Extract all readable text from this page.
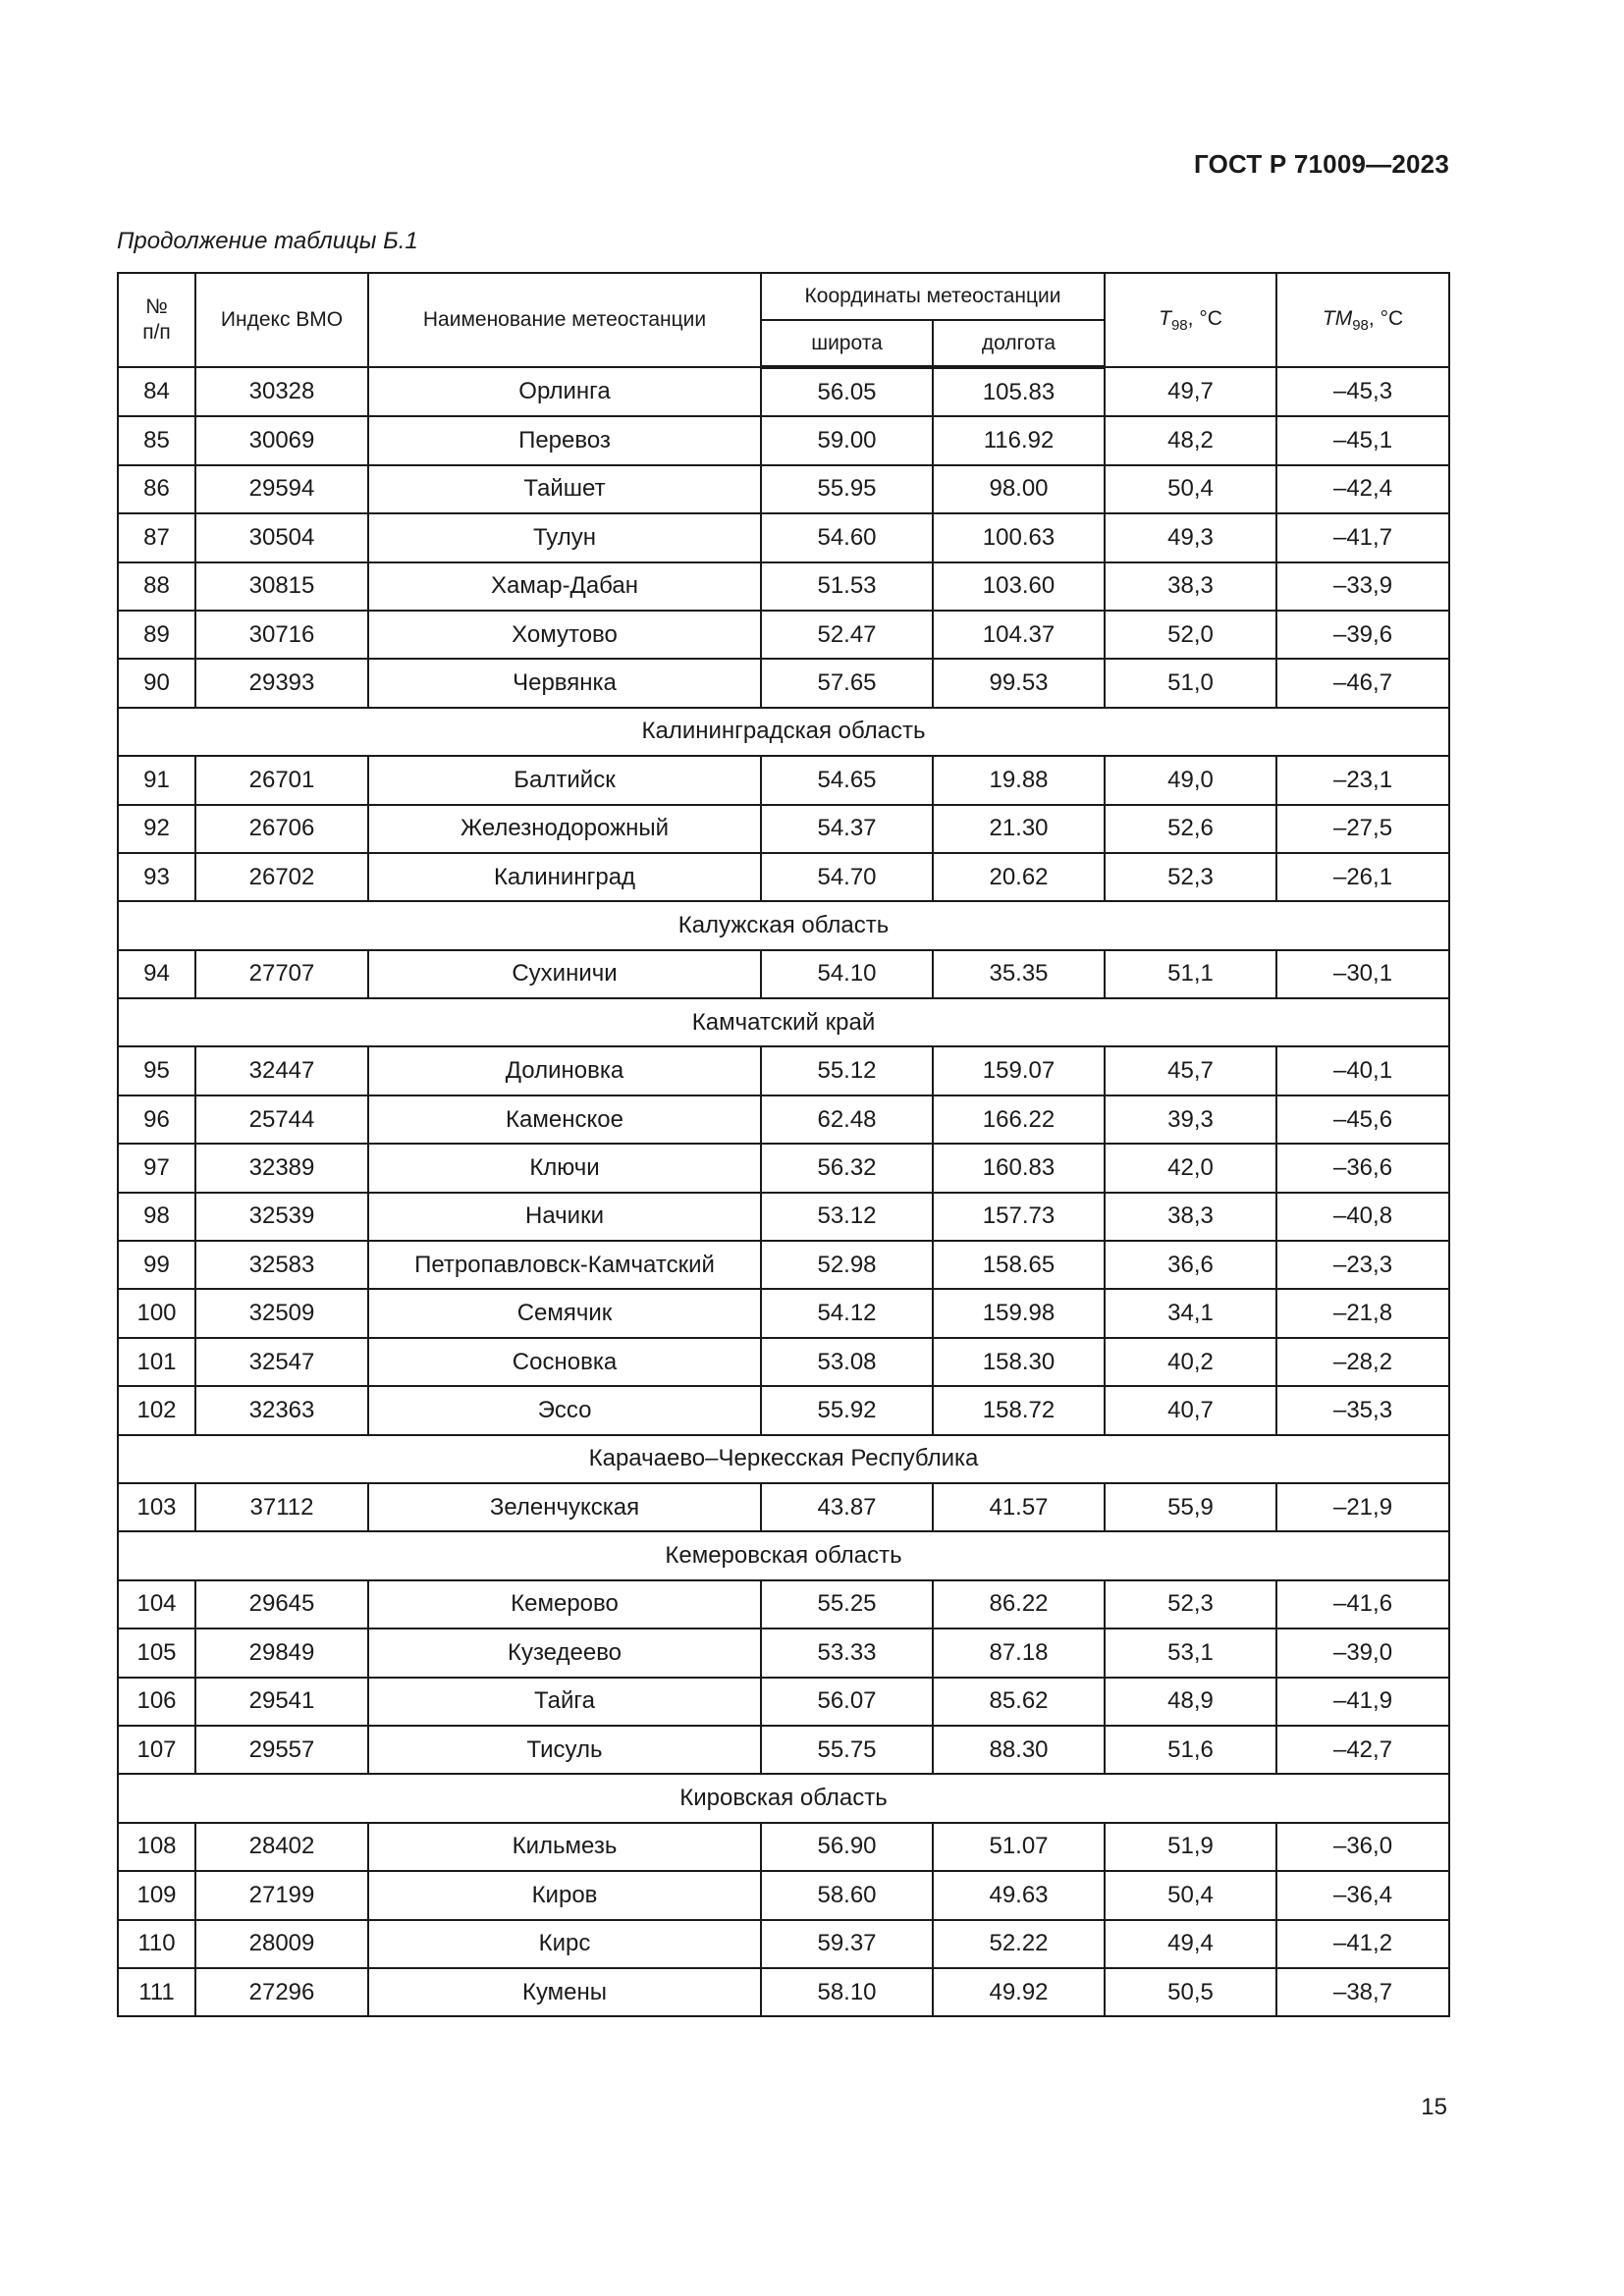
ГОСТ Р 71009—2023
Продолжение таблицы Б.1
№
п/п	Индекс ВМО	Наименование метеостанции	Координаты метеостанции		$T_{98}$, °C	$TM_{98}$, °C
			широта	долгота		
84	30328	Орлинга	56.05	105.83	49,7	–45,3
85	30069	Перевоз	59.00	116.92	48,2	–45,1
86	29594	Тайшет	55.95	98.00	50,4	–42,4
87	30504	Тулун	54.60	100.63	49,3	–41,7
88	30815	Хамар-Дабан	51.53	103.60	38,3	–33,9
89	30716	Хомутово	52.47	104.37	52,0	–39,6
90	29393	Червянка	57.65	99.53	51,0	–46,7
Калининградская область						
91	26701	Балтийск	54.65	19.88	49,0	–23,1
92	26706	Железнодорожный	54.37	21.30	52,6	–27,5
93	26702	Калининград	54.70	20.62	52,3	–26,1
Калужская область						
94	27707	Сухиничи	54.10	35.35	51,1	–30,1
Камчатский край						
95	32447	Долиновка	55.12	159.07	45,7	–40,1
96	25744	Каменское	62.48	166.22	39,3	–45,6
97	32389	Ключи	56.32	160.83	42,0	–36,6
98	32539	Начики	53.12	157.73	38,3	–40,8
99	32583	Петропавловск-Камчатский	52.98	158.65	36,6	–23,3
100	32509	Семячик	54.12	159.98	34,1	–21,8
101	32547	Сосновка	53.08	158.30	40,2	–28,2
102	32363	Эссо	55.92	158.72	40,7	–35,3
Карачаево–Черкесская Республика						
103	37112	Зеленчукская	43.87	41.57	55,9	–21,9
Кемеровская область						
104	29645	Кемерово	55.25	86.22	52,3	–41,6
105	29849	Кузедеево	53.33	87.18	53,1	–39,0
106	29541	Тайга	56.07	85.62	48,9	–41,9
107	29557	Тисуль	55.75	88.30	51,6	–42,7
Кировская область						
108	28402	Кильмезь	56.90	51.07	51,9	–36,0
109	27199	Киров	58.60	49.63	50,4	–36,4
110	28009	Кирс	59.37	52.22	49,4	–41,2
111	27296	Кумены	58.10	49.92	50,5	–38,7
15
